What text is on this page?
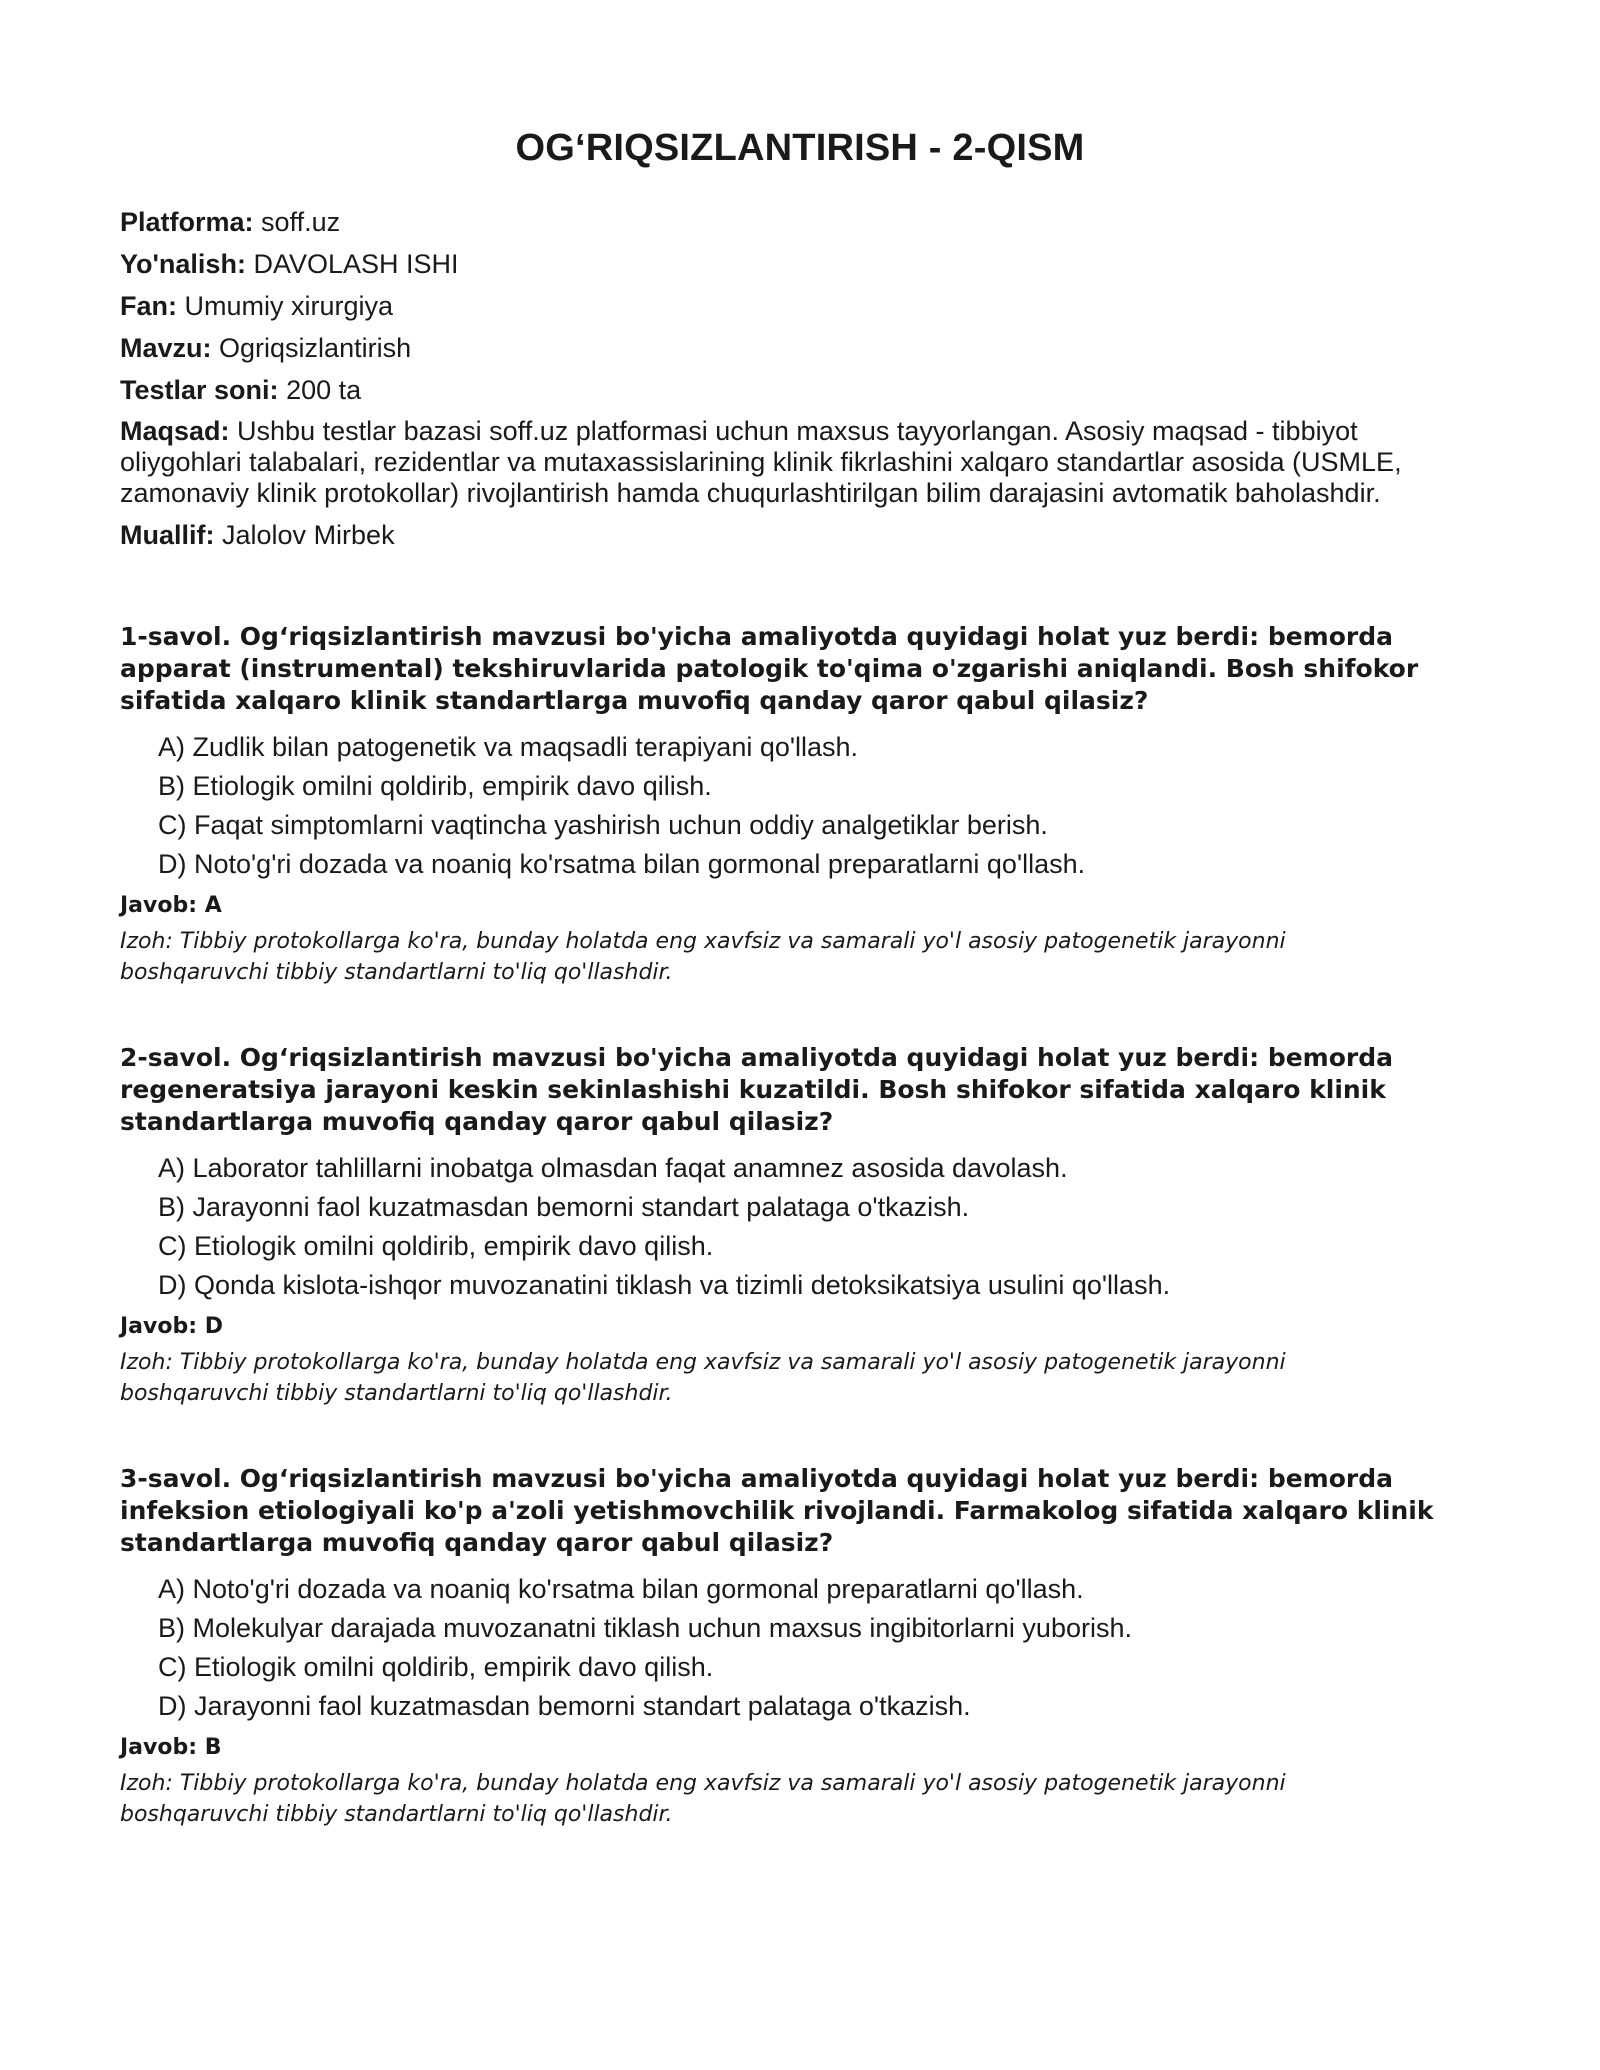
OG‘RIQSIZLANTIRISH - 2-QISM
Platforma: soff.uz
Yo'nalish: DAVOLASH ISHI
Fan: Umumiy xirurgiya
Mavzu: Ogriqsizlantirish
Testlar soni: 200 ta
Maqsad: Ushbu testlar bazasi soff.uz platformasi uchun maxsus tayyorlangan. Asosiy maqsad - tibbiyot oliygohlari talabalari, rezidentlar va mutaxassislarining klinik fikrlashini xalqaro standartlar asosida (USMLE, zamonaviy klinik protokollar) rivojlantirish hamda chuqurlashtirilgan bilim darajasini avtomatik baholashdir.
Muallif: Jalolov Mirbek

1-savol. Og‘riqsizlantirish mavzusi bo'yicha amaliyotda quyidagi holat yuz berdi: bemorda apparat (instrumental) tekshiruvlarida patologik to'qima o'zgarishi aniqlandi. Bosh shifokor sifatida xalqaro klinik standartlarga muvofiq qanday qaror qabul qilasiz?

A) Zudlik bilan patogenetik va maqsadli terapiyani qo'llash.
B) Etiologik omilni qoldirib, empirik davo qilish.
C) Faqat simptomlarni vaqtincha yashirish uchun oddiy analgetiklar berish.
D) Noto'g'ri dozada va noaniq ko'rsatma bilan gormonal preparatlarni qo'llash.
Javob: A
Izoh: Tibbiy protokollarga ko'ra, bunday holatda eng xavfsiz va samarali yo'l asosiy patogenetik jarayonni boshqaruvchi tibbiy standartlarni to'liq qo'llashdir.

2-savol. Og‘riqsizlantirish mavzusi bo'yicha amaliyotda quyidagi holat yuz berdi: bemorda regeneratsiya jarayoni keskin sekinlashishi kuzatildi. Bosh shifokor sifatida xalqaro klinik standartlarga muvofiq qanday qaror qabul qilasiz?

A) Laborator tahlillarni inobatga olmasdan faqat anamnez asosida davolash.
B) Jarayonni faol kuzatmasdan bemorni standart palataga o'tkazish.
C) Etiologik omilni qoldirib, empirik davo qilish.
D) Qonda kislota-ishqor muvozanatini tiklash va tizimli detoksikatsiya usulini qo'llash.
Javob: D
Izoh: Tibbiy protokollarga ko'ra, bunday holatda eng xavfsiz va samarali yo'l asosiy patogenetik jarayonni boshqaruvchi tibbiy standartlarni to'liq qo'llashdir.

3-savol. Og‘riqsizlantirish mavzusi bo'yicha amaliyotda quyidagi holat yuz berdi: bemorda infeksion etiologiyali ko'p a'zoli yetishmovchilik rivojlandi. Farmakolog sifatida xalqaro klinik standartlarga muvofiq qanday qaror qabul qilasiz?

A) Noto'g'ri dozada va noaniq ko'rsatma bilan gormonal preparatlarni qo'llash.
B) Molekulyar darajada muvozanatni tiklash uchun maxsus ingibitorlarni yuborish.
C) Etiologik omilni qoldirib, empirik davo qilish.
D) Jarayonni faol kuzatmasdan bemorni standart palataga o'tkazish.
Javob: B
Izoh: Tibbiy protokollarga ko'ra, bunday holatda eng xavfsiz va samarali yo'l asosiy patogenetik jarayonni boshqaruvchi tibbiy standartlarni to'liq qo'llashdir.
